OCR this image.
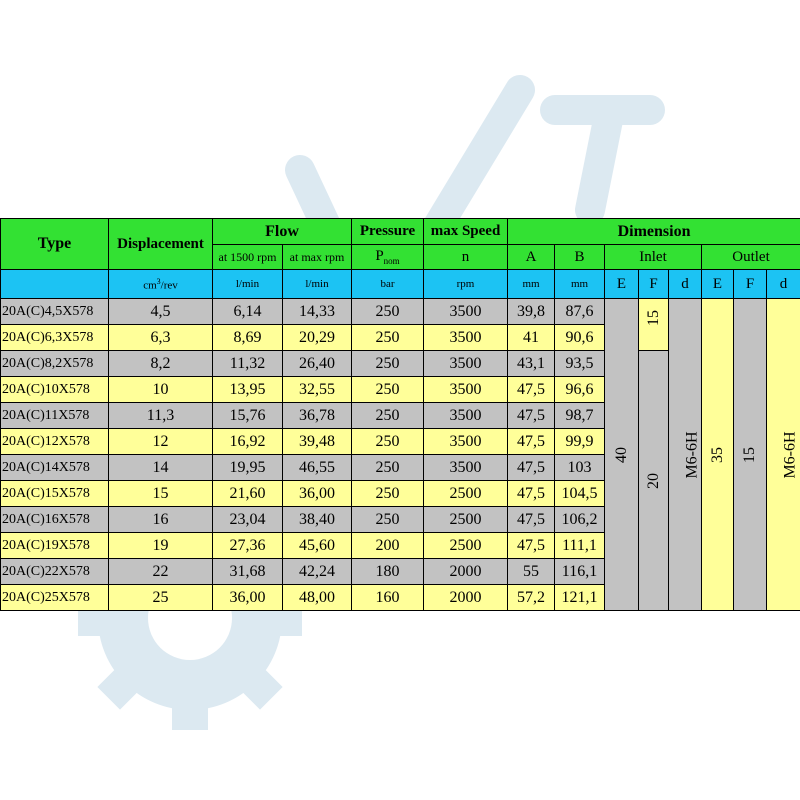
Type	Displacement	Flow		Pressure	max Speed	Dimension							
		at 1500 rpm	at max rpm	$P_{nom}$	n	A	B	Inlet			Outlet		
	$cm^3$/rev	l/min	l/min	bar	rpm	mm	mm	E	F	d	E	F	d
20A(C)4,5X578	4,5	6,14	14,33	250	3500	39,8	87,6	40	15	M6-6H	35	15	M6-6H
20A(C)6,3X578	6,3	8,69	20,29	250	3500	41	90,6						
20A(C)8,2X578	8,2	11,32	26,40	250	3500	43,1	93,5		20				
20A(C)10X578	10	13,95	32,55	250	3500	47,5	96,6						
20A(C)11X578	11,3	15,76	36,78	250	3500	47,5	98,7						
20A(C)12X578	12	16,92	39,48	250	3500	47,5	99,9						
20A(C)14X578	14	19,95	46,55	250	3500	47,5	103						
20A(C)15X578	15	21,60	36,00	250	2500	47,5	104,5						
20A(C)16X578	16	23,04	38,40	250	2500	47,5	106,2						
20A(C)19X578	19	27,36	45,60	200	2500	47,5	111,1						
20A(C)22X578	22	31,68	42,24	180	2000	55	116,1						
20A(C)25X578	25	36,00	48,00	160	2000	57,2	121,1						
